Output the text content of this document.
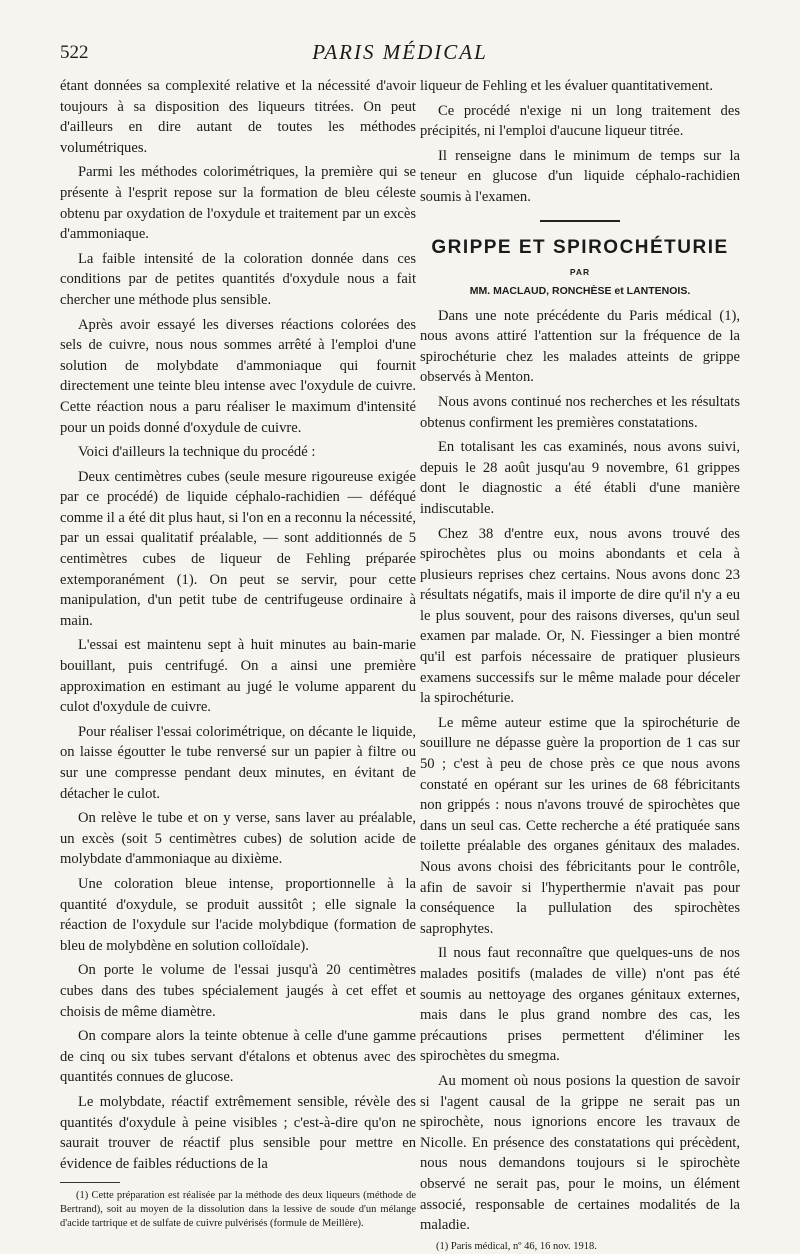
522	PARIS MÉDICAL

étant données sa complexité relative et la nécessité d'avoir toujours à sa disposition des liqueurs titrées. On peut d'ailleurs en dire autant de toutes les méthodes volumétriques.

Parmi les méthodes colorimétriques, la première qui se présente à l'esprit repose sur la formation de bleu céleste obtenu par oxydation de l'oxydule et traitement par un excès d'ammoniaque.

La faible intensité de la coloration donnée dans ces conditions par de petites quantités d'oxydule nous a fait chercher une méthode plus sensible.

Après avoir essayé les diverses réactions colorées des sels de cuivre, nous nous sommes arrêté à l'emploi d'une solution de molybdate d'ammoniaque qui fournit directement une teinte bleu intense avec l'oxydule de cuivre. Cette réaction nous a paru réaliser le maximum d'intensité pour un poids donné d'oxydule de cuivre.

Voici d'ailleurs la technique du procédé :

Deux centimètres cubes (seule mesure rigoureuse exigée par ce procédé) de liquide céphalo-rachidien — déféqué comme il a été dit plus haut, si l'on en a reconnu la nécessité, par un essai qualitatif préalable, — sont additionnés de 5 centimètres cubes de liqueur de Fehling préparée extemporanément (1). On peut se servir, pour cette manipulation, d'un petit tube de centrifugeuse ordinaire à main.

L'essai est maintenu sept à huit minutes au bain-marie bouillant, puis centrifugé. On a ainsi une première approximation en estimant au jugé le volume apparent du culot d'oxydule de cuivre.

Pour réaliser l'essai colorimétrique, on décante le liquide, on laisse égoutter le tube renversé sur un papier à filtre ou sur une compresse pendant deux minutes, en évitant de détacher le culot.

On relève le tube et on y verse, sans laver au préalable, un excès (soit 5 centimètres cubes) de solution acide de molybdate d'ammoniaque au dixième.

Une coloration bleue intense, proportionnelle à la quantité d'oxydule, se produit aussitôt ; elle signale la réaction de l'oxydule sur l'acide molybdique (formation de bleu de molybdène en solution colloïdale).

On porte le volume de l'essai jusqu'à 20 centimètres cubes dans des tubes spécialement jaugés à cet effet et choisis de même diamètre.

On compare alors la teinte obtenue à celle d'une gamme de cinq ou six tubes servant d'étalons et obtenus avec des quantités connues de glucose.

Le molybdate, réactif extrêmement sensible, révèle des quantités d'oxydule à peine visibles ; c'est-à-dire qu'on ne saurait trouver de réactif plus sensible pour mettre en évidence de faibles réductions de la

(1) Cette préparation est réalisée par la méthode des deux liqueurs (méthode de Bertrand), soit au moyen de la dissolution dans la lessive de soude d'un mélange d'acide tartrique et de sulfate de cuivre pulvérisés (formule de Meillère).

liqueur de Fehling et les évaluer quantitativement.

Ce procédé n'exige ni un long traitement des précipités, ni l'emploi d'aucune liqueur titrée.

Il renseigne dans le minimum de temps sur la teneur en glucose d'un liquide céphalo-rachidien soumis à l'examen.

GRIPPE ET SPIROCHÉTURIE
PAR
MM. MACLAUD, RONCHÈSE et LANTENOIS.

Dans une note précédente du Paris médical (1), nous avons attiré l'attention sur la fréquence de la spirochéturie chez les malades atteints de grippe observés à Menton.

Nous avons continué nos recherches et les résultats obtenus confirment les premières constatations.

En totalisant les cas examinés, nous avons suivi, depuis le 28 août jusqu'au 9 novembre, 61 grippes dont le diagnostic a été établi d'une manière indiscutable.

Chez 38 d'entre eux, nous avons trouvé des spirochètes plus ou moins abondants et cela à plusieurs reprises chez certains. Nous avons donc 23 résultats négatifs, mais il importe de dire qu'il n'y a eu le plus souvent, pour des raisons diverses, qu'un seul examen par malade. Or, N. Fiessinger a bien montré qu'il est parfois nécessaire de pratiquer plusieurs examens successifs sur le même malade pour déceler la spirochéturie.

Le même auteur estime que la spirochéturie de souillure ne dépasse guère la proportion de 1 cas sur 50 ; c'est à peu de chose près ce que nous avons constaté en opérant sur les urines de 68 fébricitants non grippés : nous n'avons trouvé de spirochètes que dans un seul cas. Cette recherche a été pratiquée sans toilette préalable des organes génitaux des malades. Nous avons choisi des fébricitants pour le contrôle, afin de savoir si l'hyperthermie n'avait pas pour conséquence la pullulation des spirochètes saprophytes.

Il nous faut reconnaître que quelques-uns de nos malades positifs (malades de ville) n'ont pas été soumis au nettoyage des organes génitaux externes, mais dans le plus grand nombre des cas, les précautions prises permettent d'éliminer les spirochètes du smegma.

Au moment où nous posions la question de savoir si l'agent causal de la grippe ne serait pas un spirochète, nous ignorions encore les travaux de Nicolle. En présence des constatations qui précèdent, nous nous demandons toujours si le spirochète observé ne serait pas, pour le moins, un élément associé, responsable de certaines modalités de la maladie.

(1) Paris médical, nº 46, 16 nov. 1918.
